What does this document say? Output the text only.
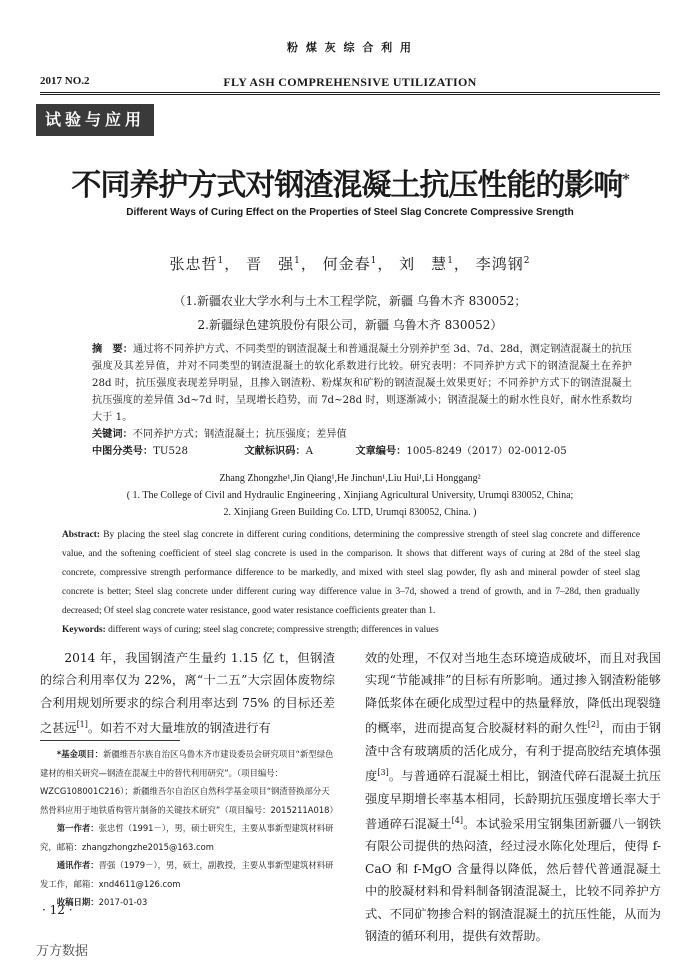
粉 煤 灰 综 合 利 用
2017 NO.2	FLY ASH COMPREHENSIVE UTILIZATION
试验与应用
不同养护方式对钢渣混凝土抗压性能的影响*
Different Ways of Curing Effect on the Properties of Steel Slag Concrete Compressive Srength
张忠哲$^1$， 晋　强$^1$， 何金春$^1$， 刘　慧$^1$， 李鸿钢$^2$
（1.新疆农业大学水利与土木工程学院，新疆 乌鲁木齐 830052；
2.新疆绿色建筑股份有限公司，新疆 乌鲁木齐 830052）
摘　要：通过将不同养护方式、不同类型的钢渣混凝土和普通混凝土分别养护至 3d、7d、28d，测定钢渣混凝土的抗压强度及其差异值，并对不同类型的钢渣混凝土的软化系数进行比较。研究表明：不同养护方式下的钢渣混凝土在养护 28d 时，抗压强度表现差异明显，且掺入钢渣粉、粉煤灰和矿粉的钢渣混凝土效果更好；不同养护方式下的钢渣混凝土抗压强度的差异值 3d~7d 时，呈现增长趋势，而 7d~28d 时，则逐渐减小；钢渣混凝土的耐水性良好，耐水性系数均大于 1。
关键词：不同养护方式；钢渣混凝土；抗压强度；差异值
中图分类号：TU528	文献标识码：A	文章编号：1005-8249（2017）02-0012-05
Zhang Zhongzhe¹,Jin Qiang¹,He Jinchun¹,Liu Hui¹,Li Honggang²
( 1. The College of Civil and Hydraulic Engineering , Xinjiang Agricultural University, Urumqi 830052, China;
2. Xinjiang Green Building Co. LTD, Urumqi 830052, China. )
Abstract: By placing the steel slag concrete in different curing conditions, determining the compressive strength of steel slag concrete and difference value, and the softening coefficient of steel slag concrete is used in the comparison. It shows that different ways of curing at 28d of the steel slag concrete, compressive strength performance difference to be markedly, and mixed with steel slag powder, fly ash and mineral powder of steel slag concrete is better; Steel slag concrete under different curing way difference value in 3–7d, showed a trend of growth, and in 7–28d, then gradually decreased; Of steel slag concrete water resistance, good water resistance coefficients greater than 1.
Keywords: different ways of curing; steel slag concrete; compressive strength; differences in values
2014 年，我国钢渣产生量约 1.15 亿 t，但钢渣的综合利用率仅为 22%，离“十二五”大宗固体废物综合利用规划所要求的综合利用率达到 75% 的目标还差之甚远[1]。如若不对大量堆放的钢渣进行有
*基金项目：新疆维吾尔族自治区乌鲁木齐市建设委员会研究项目“新型绿色建材的相关研究—钢渣在混凝土中的替代利用研究”。（项目编号：WZCG108001C216）；新疆维吾尔自治区自然科学基金项目“钢渣替换部分天然骨料应用于地铁盾构管片制备的关键技术研究”（项目编号：2015211A018）
第一作者：张忠哲（1991－），男，硕士研究生，主要从事新型建筑材料研究，邮箱：zhangzhongzhe2015@163.com
通讯作者：晋强（1979－），男，硕士，副教授，主要从事新型建筑材料研发工作，邮箱：xnd4611@126.com
收稿日期：2017-01-03
效的处理，不仅对当地生态环境造成破坏，而且对我国实现“节能减排”的目标有所影响。通过掺入钢渣粉能够降低浆体在硬化成型过程中的热量释放，降低出现裂缝的概率，进而提高复合胶凝材料的耐久性[2]，而由于钢渣中含有玻璃质的活化成分，有利于提高胶结充填体强度[3]。与普通碎石混凝土相比，钢渣代碎石混凝土抗压强度早期增长率基本相同，长龄期抗压强度增长率大于普通碎石混凝土[4]。本试验采用宝钢集团新疆八一钢铁有限公司提供的热闷渣，经过浸水陈化处理后，使得 f-CaO 和 f-MgO 含量得以降低，然后替代普通混凝土中的胶凝材料和骨料制备钢渣混凝土，比较不同养护方式、不同矿物掺合料的钢渣混凝土的抗压性能，从而为钢渣的循环利用，提供有效帮助。
· 12 ·
万方数据
